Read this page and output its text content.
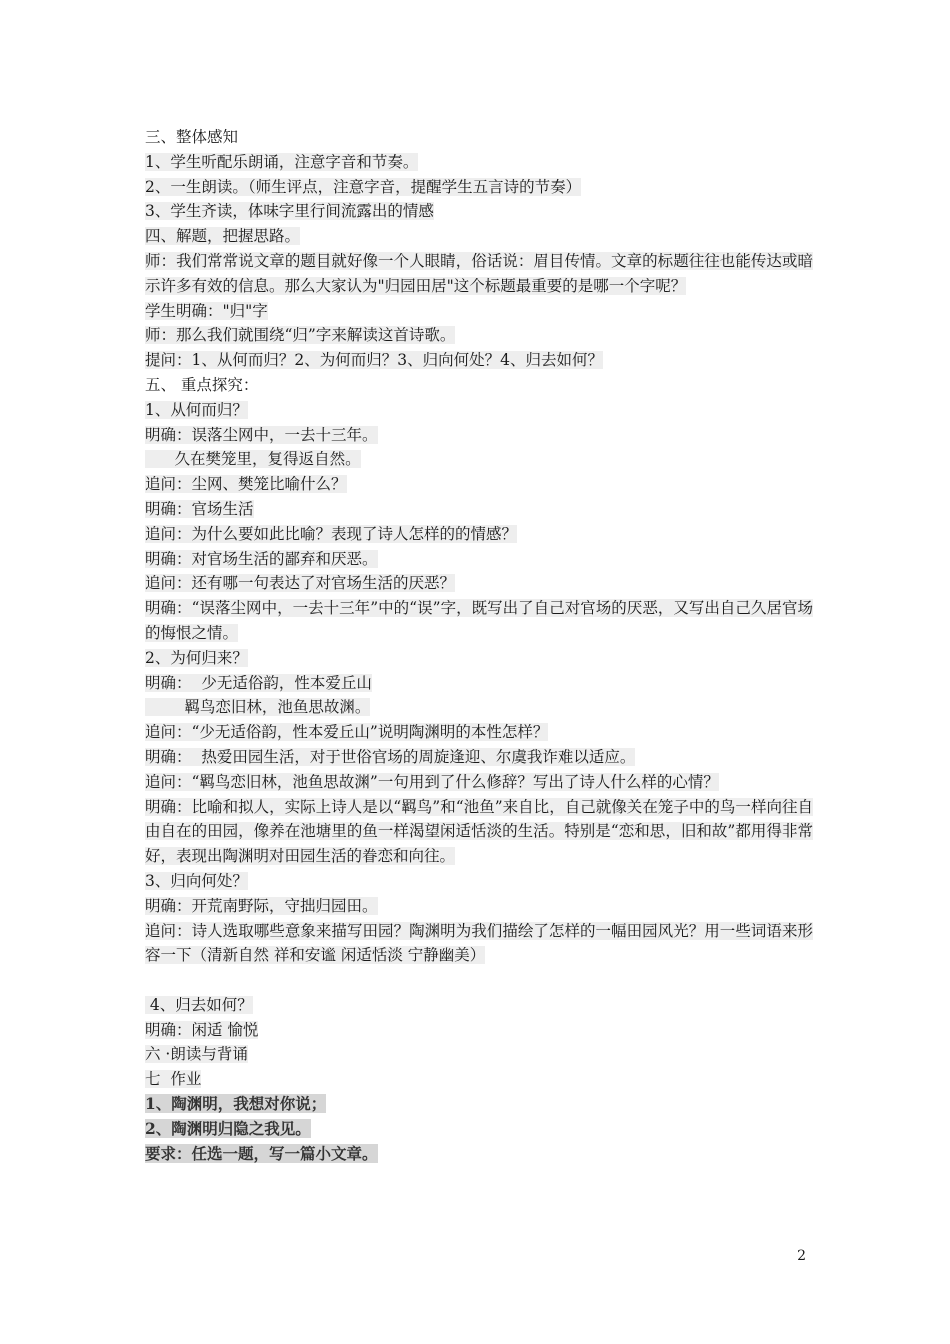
三、整体感知
1、学生听配乐朗诵，注意字音和节奏。
2、一生朗读。（师生评点，注意字音，提醒学生五言诗的节奏）
3、学生齐读，体味字里行间流露出的情感
四、解题，把握思路。
师：我们常常说文章的题目就好像一个人眼睛，俗话说：眉目传情。文章的标题往往也能传达或暗示许多有效的信息。那么大家认为"归园田居"这个标题最重要的是哪一个字呢？
学生明确："归"字
师：那么我们就围绕“归”字来解读这首诗歌。
提问：1、从何而归？2、为何而归？3、归向何处？4、归去如何？
五、 重点探究：
1、从何而归？
明确：误落尘网中，一去十三年。
久在樊笼里，复得返自然。
追问：尘网、樊笼比喻什么？
明确：官场生活
追问：为什么要如此比喻？表现了诗人怎样的的情感？
明确：对官场生活的鄙弃和厌恶。
追问：还有哪一句表达了对官场生活的厌恶？
明确：“误落尘网中，一去十三年”中的“误”字，既写出了自己对官场的厌恶，又写出自己久居官场的悔恨之情。
2、为何归来？
明确：  少无适俗韵，性本爱丘山
羁鸟恋旧林，池鱼思故渊。
追问：“少无适俗韵，性本爱丘山”说明陶渊明的本性怎样？
明确：  热爱田园生活，对于世俗官场的周旋逢迎、尔虞我诈难以适应。
追问：“羁鸟恋旧林，池鱼思故渊”一句用到了什么修辞？写出了诗人什么样的心情？
明确：比喻和拟人，实际上诗人是以“羁鸟”和“池鱼”来自比，自己就像关在笼子中的鸟一样向往自由自在的田园，像养在池塘里的鱼一样渴望闲适恬淡的生活。特别是“恋和思，旧和故”都用得非常好，表现出陶渊明对田园生活的眷恋和向往。
3、归向何处？
明确：开荒南野际，守拙归园田。
追问：诗人选取哪些意象来描写田园？陶渊明为我们描绘了怎样的一幅田园风光？用一些词语来形容一下（清新自然 祥和安谧 闲适恬淡 宁静幽美）
4、归去如何？
明确：闲适 愉悦
六 ·朗读与背诵
七  作业
1、陶渊明，我想对你说；
2、陶渊明归隐之我见。
要求：任选一题，写一篇小文章。
2
